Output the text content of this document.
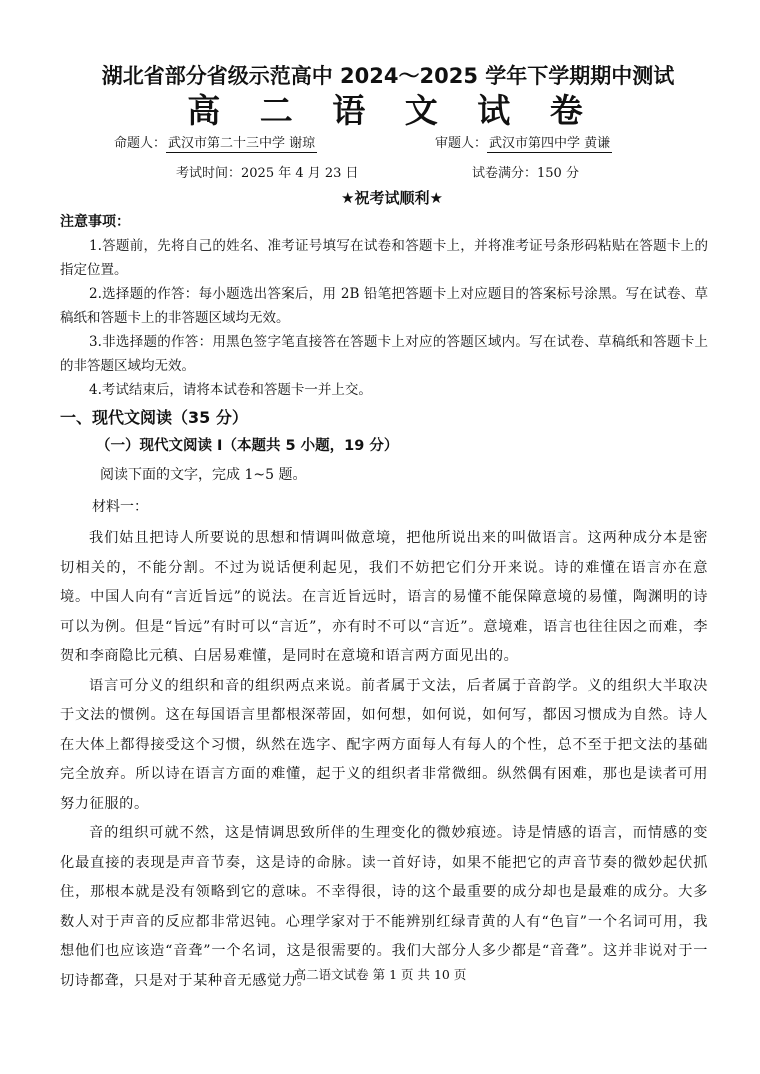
湖北省部分省级示范高中 2024～2025 学年下学期期中测试
高 二 语 文 试 卷
命题人： 武汉市第二十三中学 谢琼	审题人： 武汉市第四中学 黄谦
考试时间：2025 年 4 月 23 日	试卷满分：150 分
★祝考试顺利★
注意事项：
1.答题前，先将自己的姓名、准考证号填写在试卷和答题卡上，并将准考证号条形码粘贴在答题卡上的指定位置。
2.选择题的作答：每小题选出答案后，用 2B 铅笔把答题卡上对应题目的答案标号涂黑。写在试卷、草稿纸和答题卡上的非答题区域均无效。
3.非选择题的作答：用黑色签字笔直接答在答题卡上对应的答题区域内。写在试卷、草稿纸和答题卡上的非答题区域均无效。
4.考试结束后，请将本试卷和答题卡一并上交。
一、现代文阅读（35 分）
（一）现代文阅读 Ⅰ（本题共 5 小题，19 分）
阅读下面的文字，完成 1~5 题。
材料一：
我们姑且把诗人所要说的思想和情调叫做意境，把他所说出来的叫做语言。这两种成分本是密切相关的，不能分割。不过为说话便利起见，我们不妨把它们分开来说。诗的难懂在语言亦在意境。中国人向有“言近旨远”的说法。在言近旨远时，语言的易懂不能保障意境的易懂，陶渊明的诗可以为例。但是“旨远”有时可以“言近”，亦有时不可以“言近”。意境难，语言也往往因之而难，李贺和李商隐比元稹、白居易难懂，是同时在意境和语言两方面见出的。
语言可分义的组织和音的组织两点来说。前者属于文法，后者属于音韵学。义的组织大半取决于文法的惯例。这在每国语言里都根深蒂固，如何想，如何说，如何写，都因习惯成为自然。诗人在大体上都得接受这个习惯，纵然在选字、配字两方面每人有每人的个性，总不至于把文法的基础完全放弃。所以诗在语言方面的难懂，起于义的组织者非常微细。纵然偶有困难，那也是读者可用努力征服的。
音的组织可就不然，这是情调思致所伴的生理变化的微妙痕迹。诗是情感的语言，而情感的变化最直接的表现是声音节奏，这是诗的命脉。读一首好诗，如果不能把它的声音节奏的微妙起伏抓住，那根本就是没有领略到它的意味。不幸得很，诗的这个最重要的成分却也是最难的成分。大多数人对于声音的反应都非常迟钝。心理学家对于不能辨别红绿青黄的人有“色盲”一个名词可用，我想他们也应该造“音聋”一个名词，这是很需要的。我们大部分人多少都是“音聋”。这并非说对于一切诗都聋，只是对于某种音无感觉力。
高二语文试卷 第 1 页 共 10 页
